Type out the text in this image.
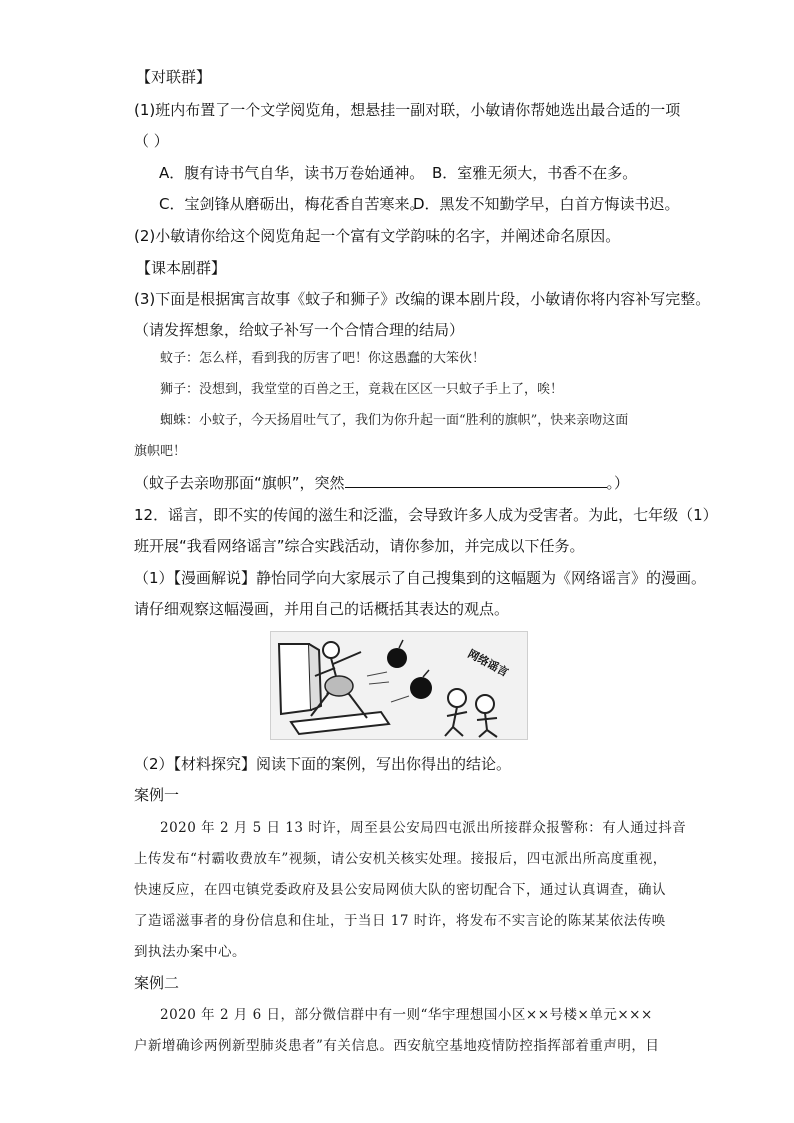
【对联群】
(1)班内布置了一个文学阅览角，想悬挂一副对联，小敏请你帮她选出最合适的一项
（ ）
A．腹有诗书气自华，读书万卷始通神。 B．室雅无须大，书香不在多。
C．宝剑锋从磨砺出，梅花香自苦寒来。
D．黑发不知勤学早，白首方悔读书迟。
(2)小敏请你给这个阅览角起一个富有文学韵味的名字，并阐述命名原因。
【课本剧群】
(3)下面是根据寓言故事《蚊子和狮子》改编的课本剧片段，小敏请你将内容补写完整。
（请发挥想象，给蚊子补写一个合情合理的结局）
蚊子：怎么样，看到我的厉害了吧！你这愚蠢的大笨伙！
狮子：没想到，我堂堂的百兽之王，竟栽在区区一只蚊子手上了，唉！
蜘蛛：小蚊子，今天扬眉吐气了，我们为你升起一面“胜利的旗帜”，快来亲吻这面
旗帜吧！
（蚊子去亲吻那面“旗帜”，突然	。）
12．谣言，即不实的传闻的滋生和泛滥，会导致许多人成为受害者。为此，七年级（1）
班开展“我看网络谣言”综合实践活动，请你参加，并完成以下任务。
（1）【漫画解说】静怡同学向大家展示了自己搜集到的这幅题为《网络谣言》的漫画。
请仔细观察这幅漫画，并用自己的话概括其表达的观点。
网络谣言
（2）【材料探究】阅读下面的案例，写出你得出的结论。
案例一
2020 年 2 月 5 日 13 时许，周至县公安局四屯派出所接群众报警称：有人通过抖音
上传发布“村霸收费放车”视频，请公安机关核实处理。接报后，四屯派出所高度重视，
快速反应，在四屯镇党委政府及县公安局网侦大队的密切配合下，通过认真调查，确认
了造谣滋事者的身份信息和住址，于当日 17 时许，将发布不实言论的陈某某依法传唤
到执法办案中心。
案例二
2020 年 2 月 6 日，部分微信群中有一则“华宇理想国小区××号楼×单元×××
户新增确诊两例新型肺炎患者”有关信息。西安航空基地疫情防控指挥部着重声明，目
